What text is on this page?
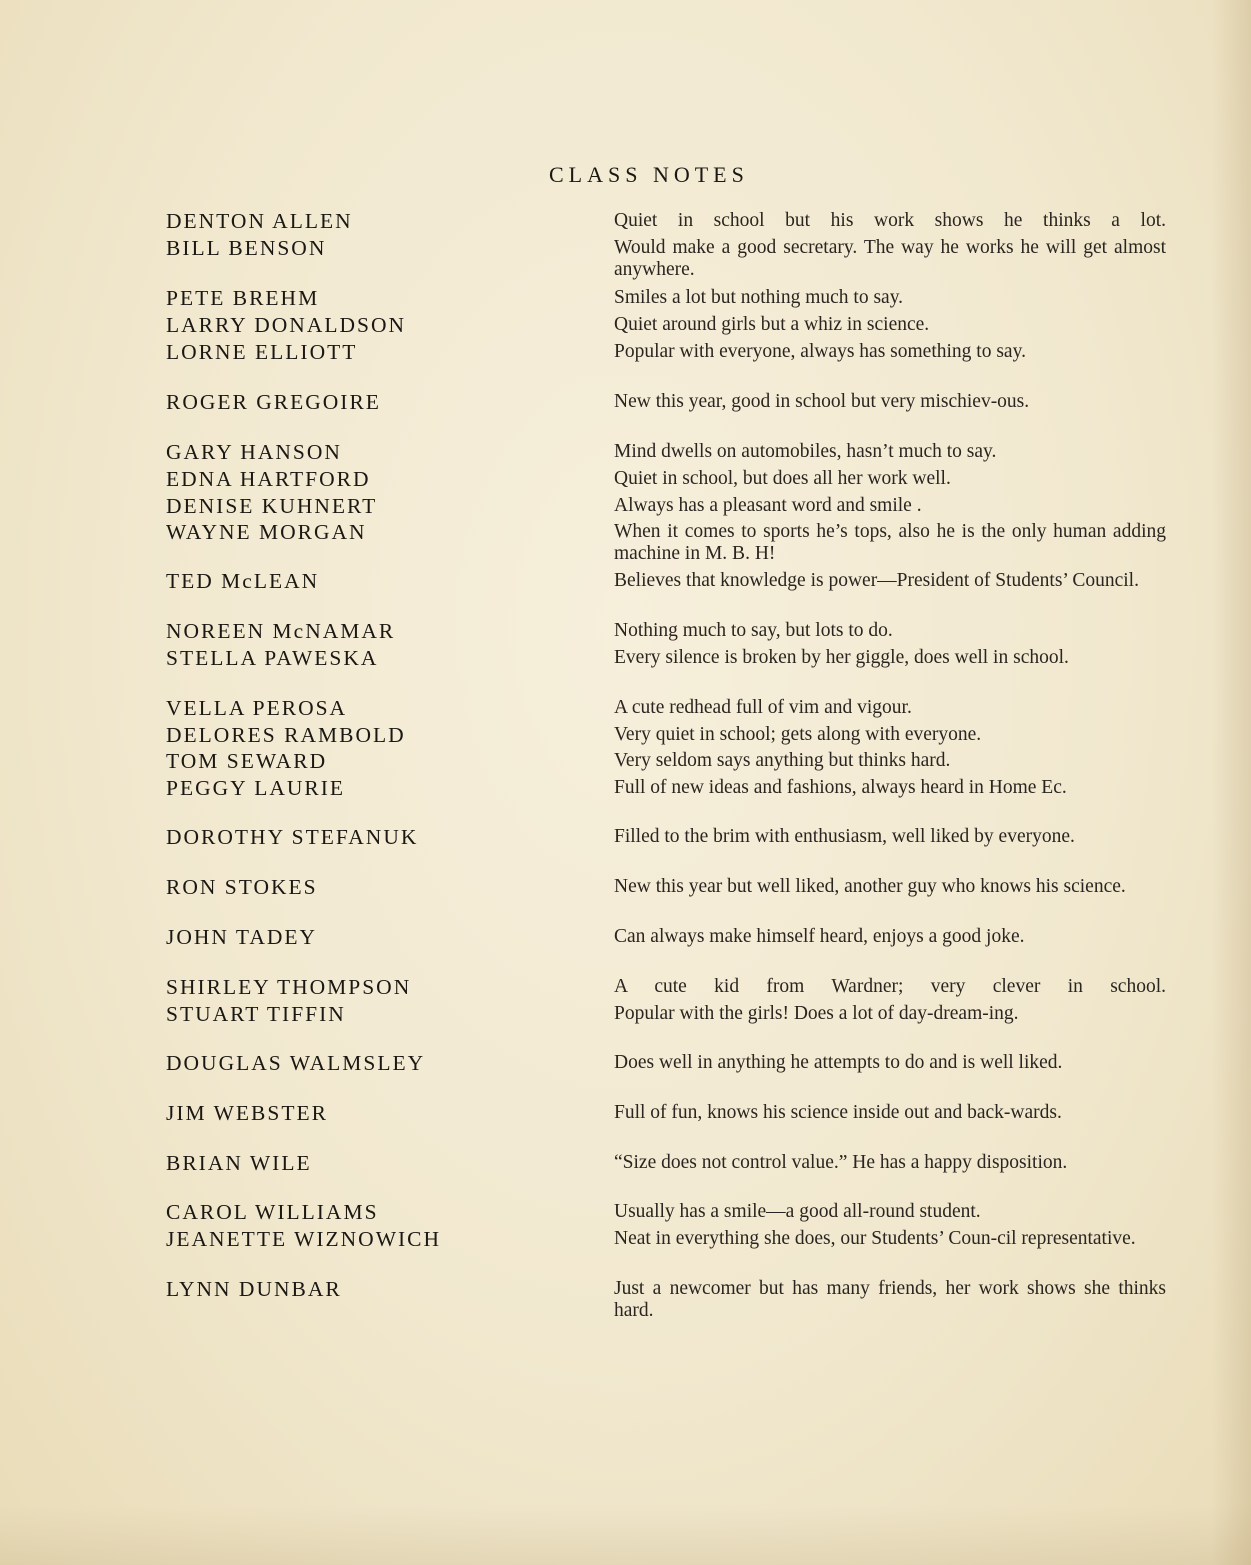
CLASS NOTES
DENTON ALLEN	Quiet in school but his work shows he thinks a lot.
BILL BENSON	Would make a good secretary. The way he works he will get almost anywhere.
PETE BREHM	Smiles a lot but nothing much to say.
LARRY DONALDSON	Quiet around girls but a whiz in science.
LORNE ELLIOTT	Popular with everyone, always has something to say.
ROGER GREGOIRE	New this year, good in school but very mischiev-ous.
GARY HANSON	Mind dwells on automobiles, hasn’t much to say.
EDNA HARTFORD	Quiet in school, but does all her work well.
DENISE KUHNERT	Always has a pleasant word and smile .
WAYNE MORGAN	When it comes to sports he’s tops, also he is the only human adding machine in M. B. H!
TED McLEAN	Believes that knowledge is power—President of Students’ Council.
NOREEN McNAMAR	Nothing much to say, but lots to do.
STELLA PAWESKA	Every silence is broken by her giggle, does well in school.
VELLA PEROSA	A cute redhead full of vim and vigour.
DELORES RAMBOLD	Very quiet in school; gets along with everyone.
TOM SEWARD	Very seldom says anything but thinks hard.
PEGGY LAURIE	Full of new ideas and fashions, always heard in Home Ec.
DOROTHY STEFANUK	Filled to the brim with enthusiasm, well liked by everyone.
RON STOKES	New this year but well liked, another guy who knows his science.
JOHN TADEY	Can always make himself heard, enjoys a good joke.
SHIRLEY THOMPSON	A cute kid from Wardner; very clever in school.
STUART TIFFIN	Popular with the girls! Does a lot of day-dream-ing.
DOUGLAS WALMSLEY	Does well in anything he attempts to do and is well liked.
JIM WEBSTER	Full of fun, knows his science inside out and back-wards.
BRIAN WILE	“Size does not control value.” He has a happy disposition.
CAROL WILLIAMS	Usually has a smile—a good all-round student.
JEANETTE WIZNOWICH	Neat in everything she does, our Students’ Coun-cil representative.
LYNN DUNBAR	Just a newcomer but has many friends, her work shows she thinks hard.
